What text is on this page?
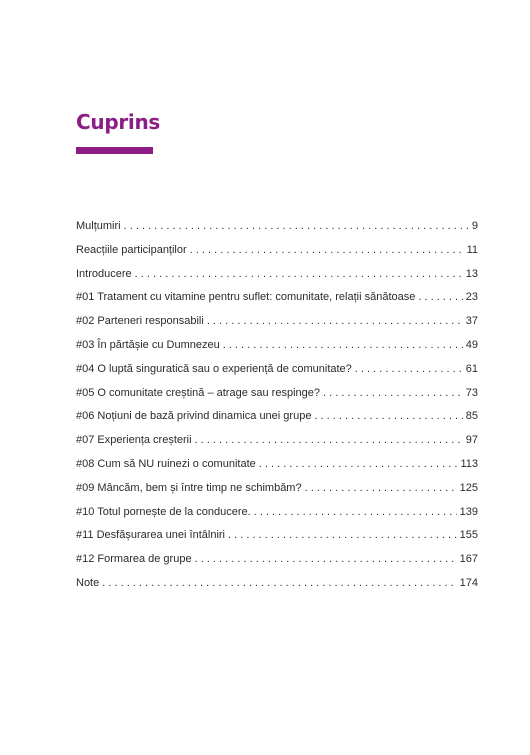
Cuprins
Mulțumiri . . .	9
Reacțiile participanților . . .	11
Introducere . . .	13
#01 Tratament cu vitamine pentru suflet: comunitate, relații sănătoase . . .	23
#02 Parteneri responsabili . . .	37
#03 În părtășie cu Dumnezeu . . .	49
#04 O luptă singuratică sau o experiență de comunitate? . . .	61
#05 O comunitate creștină – atrage sau respinge? . . .	73
#06 Noțiuni de bază privind dinamica unei grupe . . .	85
#07 Experiența creșterii . . .	97
#08 Cum să NU ruinezi o comunitate . . .	113
#09 Mâncăm, bem și între timp ne schimbăm? . . .	125
#10 Totul pornește de la conducere. . . .	139
#11 Desfășurarea unei întâlniri . . .	155
#12 Formarea de grupe . . .	167
Note . . .	174
